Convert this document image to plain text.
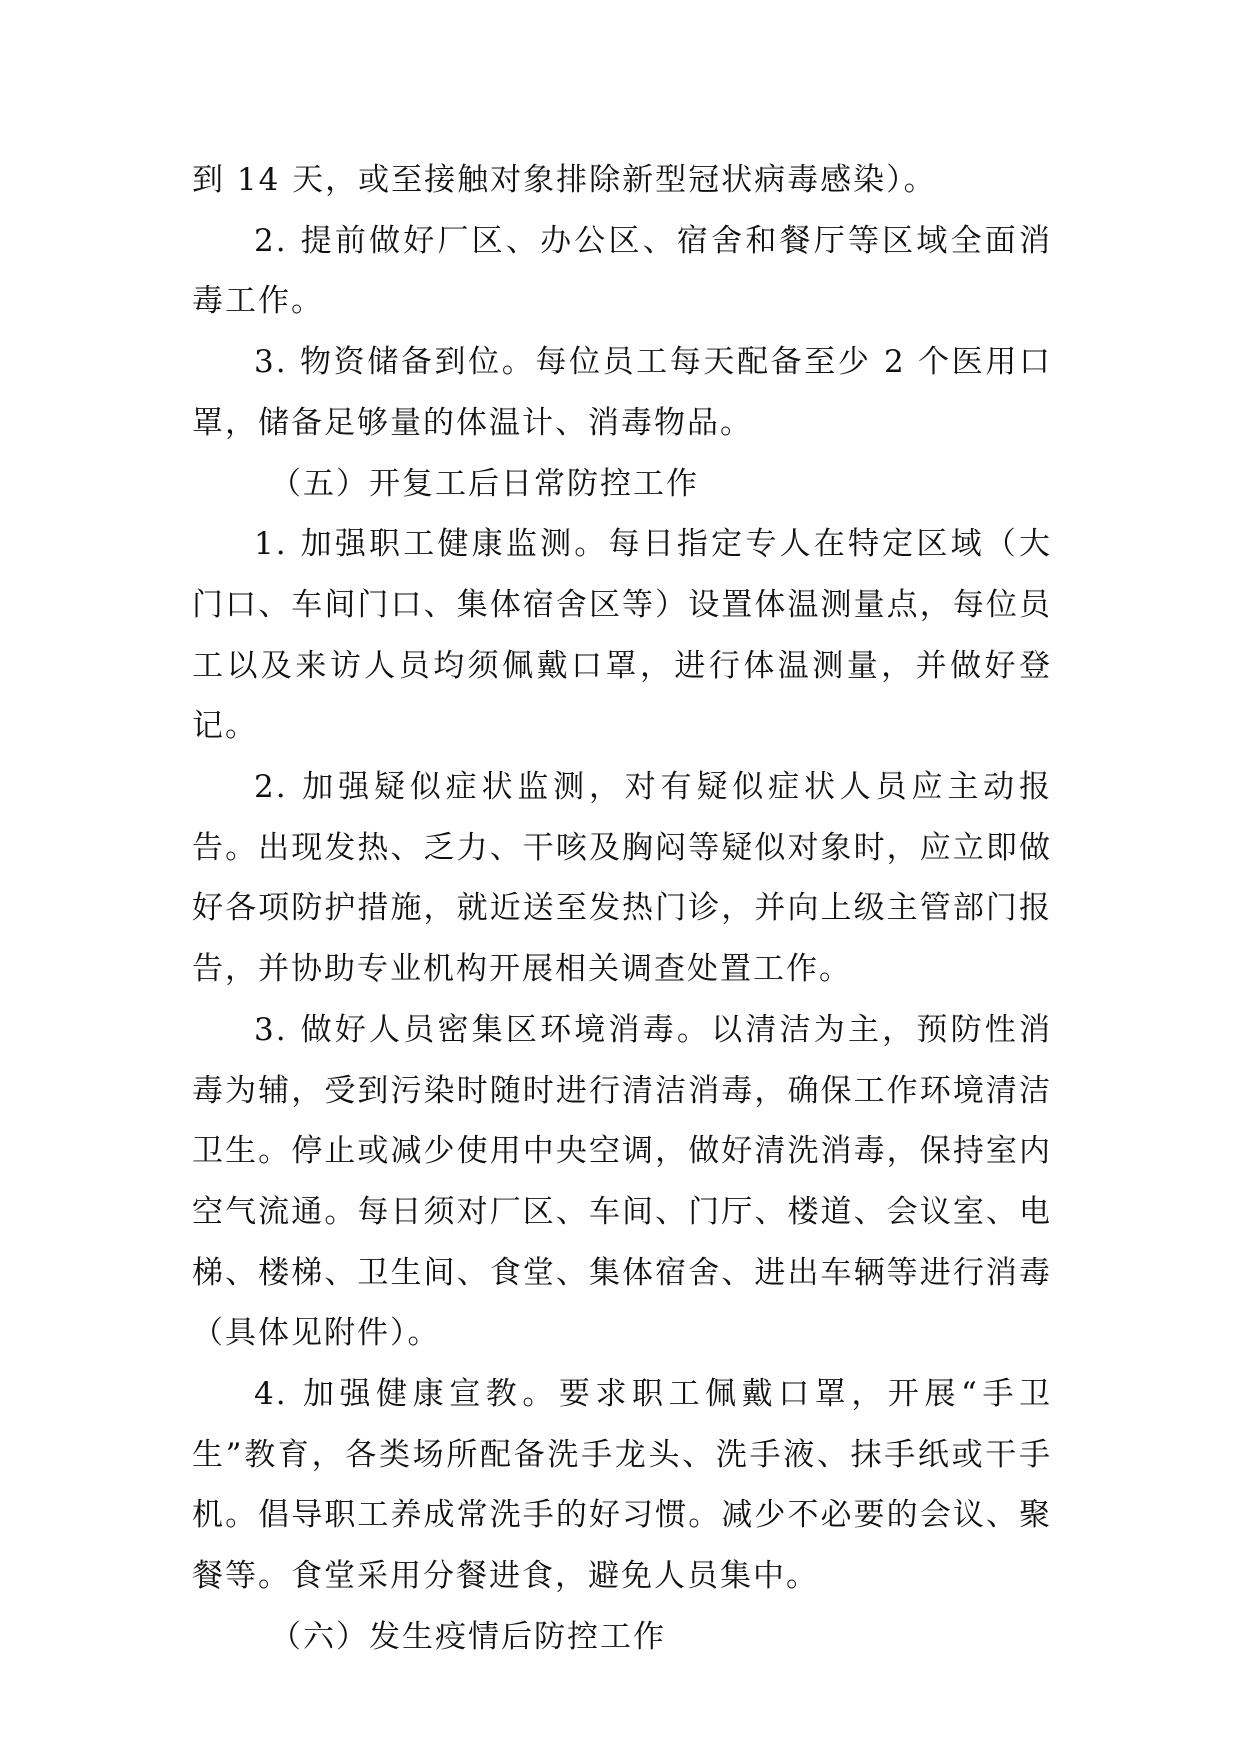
到 14 天，或至接触对象排除新型冠状病毒感染）。

2. 提前做好厂区、办公区、宿舍和餐厅等区域全面消毒工作。

3. 物资储备到位。每位员工每天配备至少 2 个医用口罩，储备足够量的体温计、消毒物品。

（五）开复工后日常防控工作

1. 加强职工健康监测。每日指定专人在特定区域（大门口、车间门口、集体宿舍区等）设置体温测量点，每位员工以及来访人员均须佩戴口罩，进行体温测量，并做好登记。

2. 加强疑似症状监测，对有疑似症状人员应主动报告。出现发热、乏力、干咳及胸闷等疑似对象时，应立即做好各项防护措施，就近送至发热门诊，并向上级主管部门报告，并协助专业机构开展相关调查处置工作。

3. 做好人员密集区环境消毒。以清洁为主，预防性消毒为辅，受到污染时随时进行清洁消毒，确保工作环境清洁卫生。停止或减少使用中央空调，做好清洗消毒，保持室内空气流通。每日须对厂区、车间、门厅、楼道、会议室、电梯、楼梯、卫生间、食堂、集体宿舍、进出车辆等进行消毒（具体见附件）。

4. 加强健康宣教。要求职工佩戴口罩，开展“手卫生”教育，各类场所配备洗手龙头、洗手液、抹手纸或干手机。倡导职工养成常洗手的好习惯。减少不必要的会议、聚餐等。食堂采用分餐进食，避免人员集中。

（六）发生疫情后防控工作
